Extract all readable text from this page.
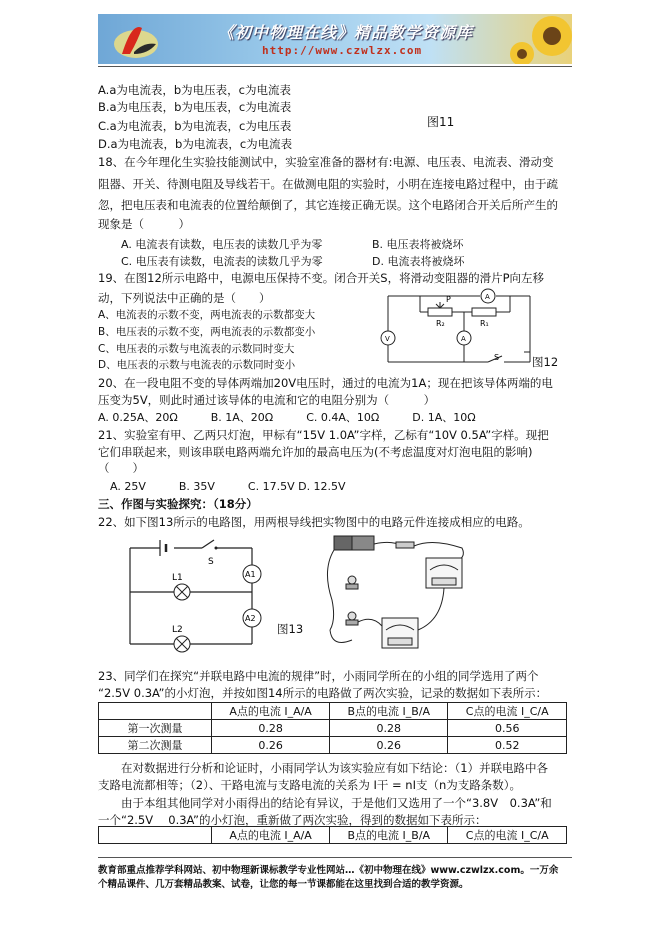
《初中物理在线》精品教学资源库
http://www.czwlzx.com
A.a为电流表，b为电压表，c为电流表
B.a为电压表，b为电压表，c为电流表
C.a为电流表，b为电流表，c为电压表
D.a为电流表，b为电流表，c为电流表
图11
18、在今年理化生实验技能测试中，实验室准备的器材有:电源、电压表、电流表、滑动变
阻器、开关、待测电阻及导线若干。在做测电阻的实验时，小明在连接电路过程中，由于疏
忽，把电压表和电流表的位置给颠倒了，其它连接正确无误。这个电路闭合开关后所产生的
现象是（　　　）
A. 电流表有读数，电压表的读数几乎为零	B. 电压表将被烧坏
C. 电压表有读数，电流表的读数几乎为零	D. 电流表将被烧坏
19、在图12所示电路中，电源电压保持不变。闭合开关S，将滑动变阻器的滑片P向左移
动，下列说法中正确的是（　　）
A、电流表的示数不变，两电流表的示数都变大
B、电压表的示数不变，两电流表的示数都变小
C、电压表的示数与电流表的示数同时变大
D、电压表的示数与电流表的示数同时变小
P
R₂	R₁
A
V	A
S	图12
20、在一段电阻不变的导体两端加20V电压时，通过的电流为1A；现在把该导体两端的电
压变为5V，则此时通过该导体的电流和它的电阻分别为（　　　）
A. 0.25A、20Ω　　　B. 1A、20Ω　　　C. 0.4A、10Ω　　　D. 1A、10Ω
21、实验室有甲、乙两只灯泡，甲标有“15V 1.0A”字样，乙标有“10V 0.5A”字样。现把
它们串联起来，则该串联电路两端允许加的最高电压为(不考虑温度对灯泡电阻的影响)
（　　）
A. 25V　　　B. 35V　　　C. 17.5V D. 12.5V
三、作图与实验探究：（18分）
22、如下图13所示的电路图，用两根导线把实物图中的电路元件连接成相应的电路。
S
L1
L2
A1
A2
图13
23、同学们在探究“并联电路中电流的规律”时，小雨同学所在的小组的同学选用了两个
“2.5V 0.3A”的小灯泡，并按如图14所示的电路做了两次实验，记录的数据如下表所示：
	A点的电流 I_A/A	B点的电流 I_B/A	C点的电流 I_C/A
第一次测量	0.28	0.28	0.56
第二次测量	0.26	0.26	0.52
　　在对数据进行分析和论证时，小雨同学认为该实验应有如下结论：（1）并联电路中各
支路电流都相等；（2）、干路电流与支路电流的关系为 I干 = nI支（n为支路条数）。
　　由于本组其他同学对小雨得出的结论有异议，于是他们又选用了一个“3.8V　0.3A”和
一个“2.5V　 0.3A”的小灯泡，重新做了两次实验，得到的数据如下表所示：
	A点的电流 I_A/A	B点的电流 I_B/A	C点的电流 I_C/A
教育部重点推荐学科网站、初中物理新课标教学专业性网站…《初中物理在线》www.czwlzx.com。一万余
个精品课件、几万套精品教案、试卷，让您的每一节课都能在这里找到合适的教学资源。
